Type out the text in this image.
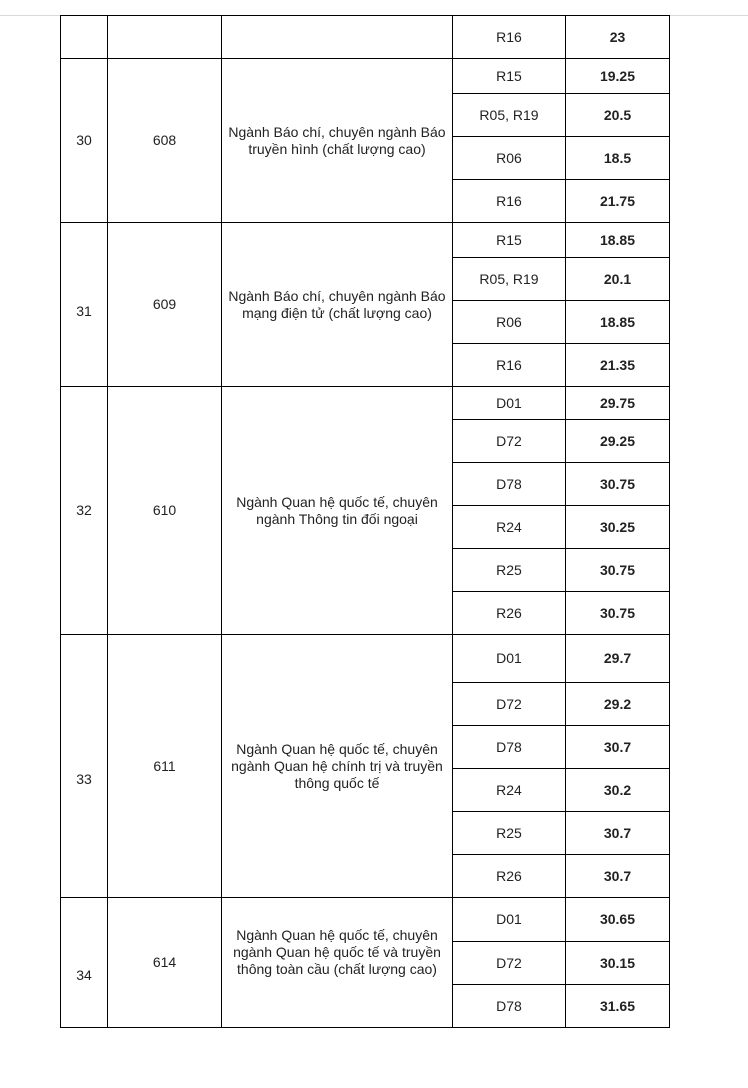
			R16	23
30	608	Ngành Báo chí, chuyên ngành Báo truyền hình (chất lượng cao)	R15	19.25
			R05, R19	20.5
			R06	18.5
			R16	21.75
31	609	Ngành Báo chí, chuyên ngành Báo mạng điện tử (chất lượng cao)	R15	18.85
			R05, R19	20.1
			R06	18.85
			R16	21.35
32	610	Ngành Quan hệ quốc tế, chuyên ngành Thông tin đối ngoại	D01	29.75
			D72	29.25
			D78	30.75
			R24	30.25
			R25	30.75
			R26	30.75
33	611	Ngành Quan hệ quốc tế, chuyên ngành Quan hệ chính trị và truyền thông quốc tế	D01	29.7
			D72	29.2
			D78	30.7
			R24	30.2
			R25	30.7
			R26	30.7
34	614	Ngành Quan hệ quốc tế, chuyên ngành Quan hệ quốc tế và truyền thông toàn cầu (chất lượng cao)	D01	30.65
			D72	30.15
			D78	31.65
